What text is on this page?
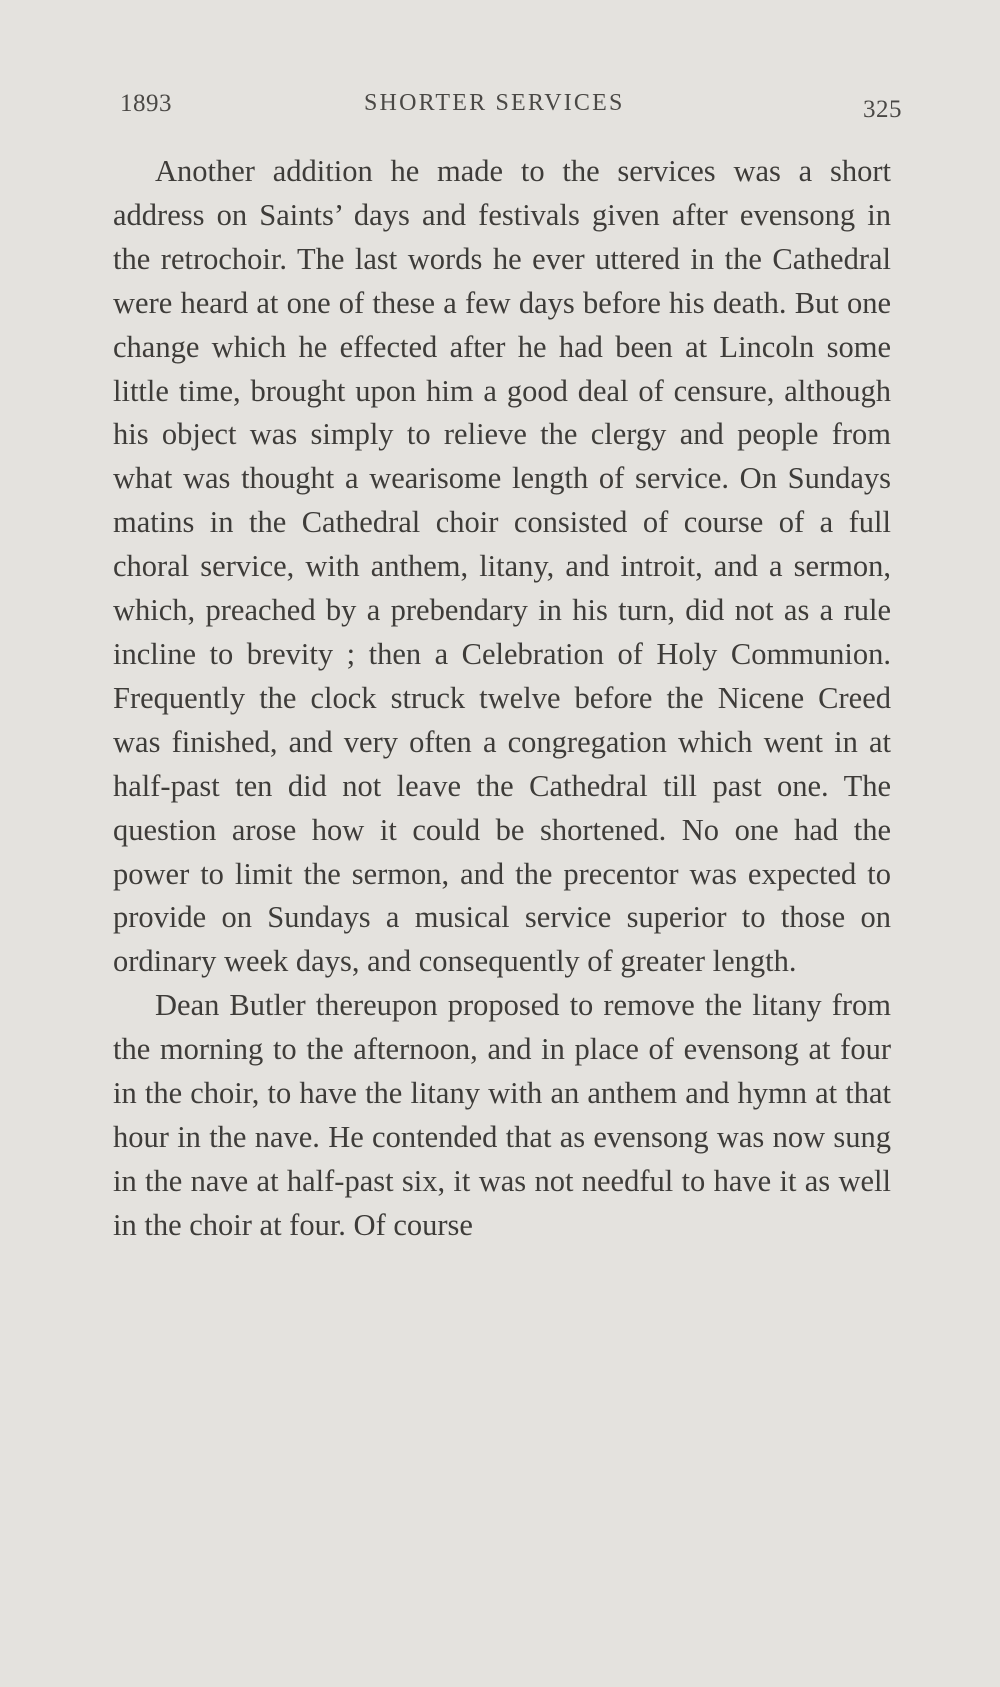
1893	SHORTER SERVICES	325

Another addition he made to the services was a short address on Saints’ days and festivals given after evensong in the retrochoir. The last words he ever uttered in the Cathedral were heard at one of these a few days before his death. But one change which he effected after he had been at Lincoln some little time, brought upon him a good deal of censure, although his object was simply to relieve the clergy and people from what was thought a wearisome length of service. On Sundays matins in the Cathedral choir consisted of course of a full choral service, with anthem, litany, and introit, and a sermon, which, preached by a prebendary in his turn, did not as a rule incline to brevity ; then a Celebration of Holy Communion. Frequently the clock struck twelve before the Nicene Creed was finished, and very often a congregation which went in at half-past ten did not leave the Cathedral till past one. The question arose how it could be shortened. No one had the power to limit the sermon, and the precentor was expected to provide on Sundays a musical service superior to those on ordinary week days, and consequently of greater length.

Dean Butler thereupon proposed to remove the litany from the morning to the afternoon, and in place of evensong at four in the choir, to have the litany with an anthem and hymn at that hour in the nave. He contended that as evensong was now sung in the nave at half-past six, it was not needful to have it as well in the choir at four. Of course
